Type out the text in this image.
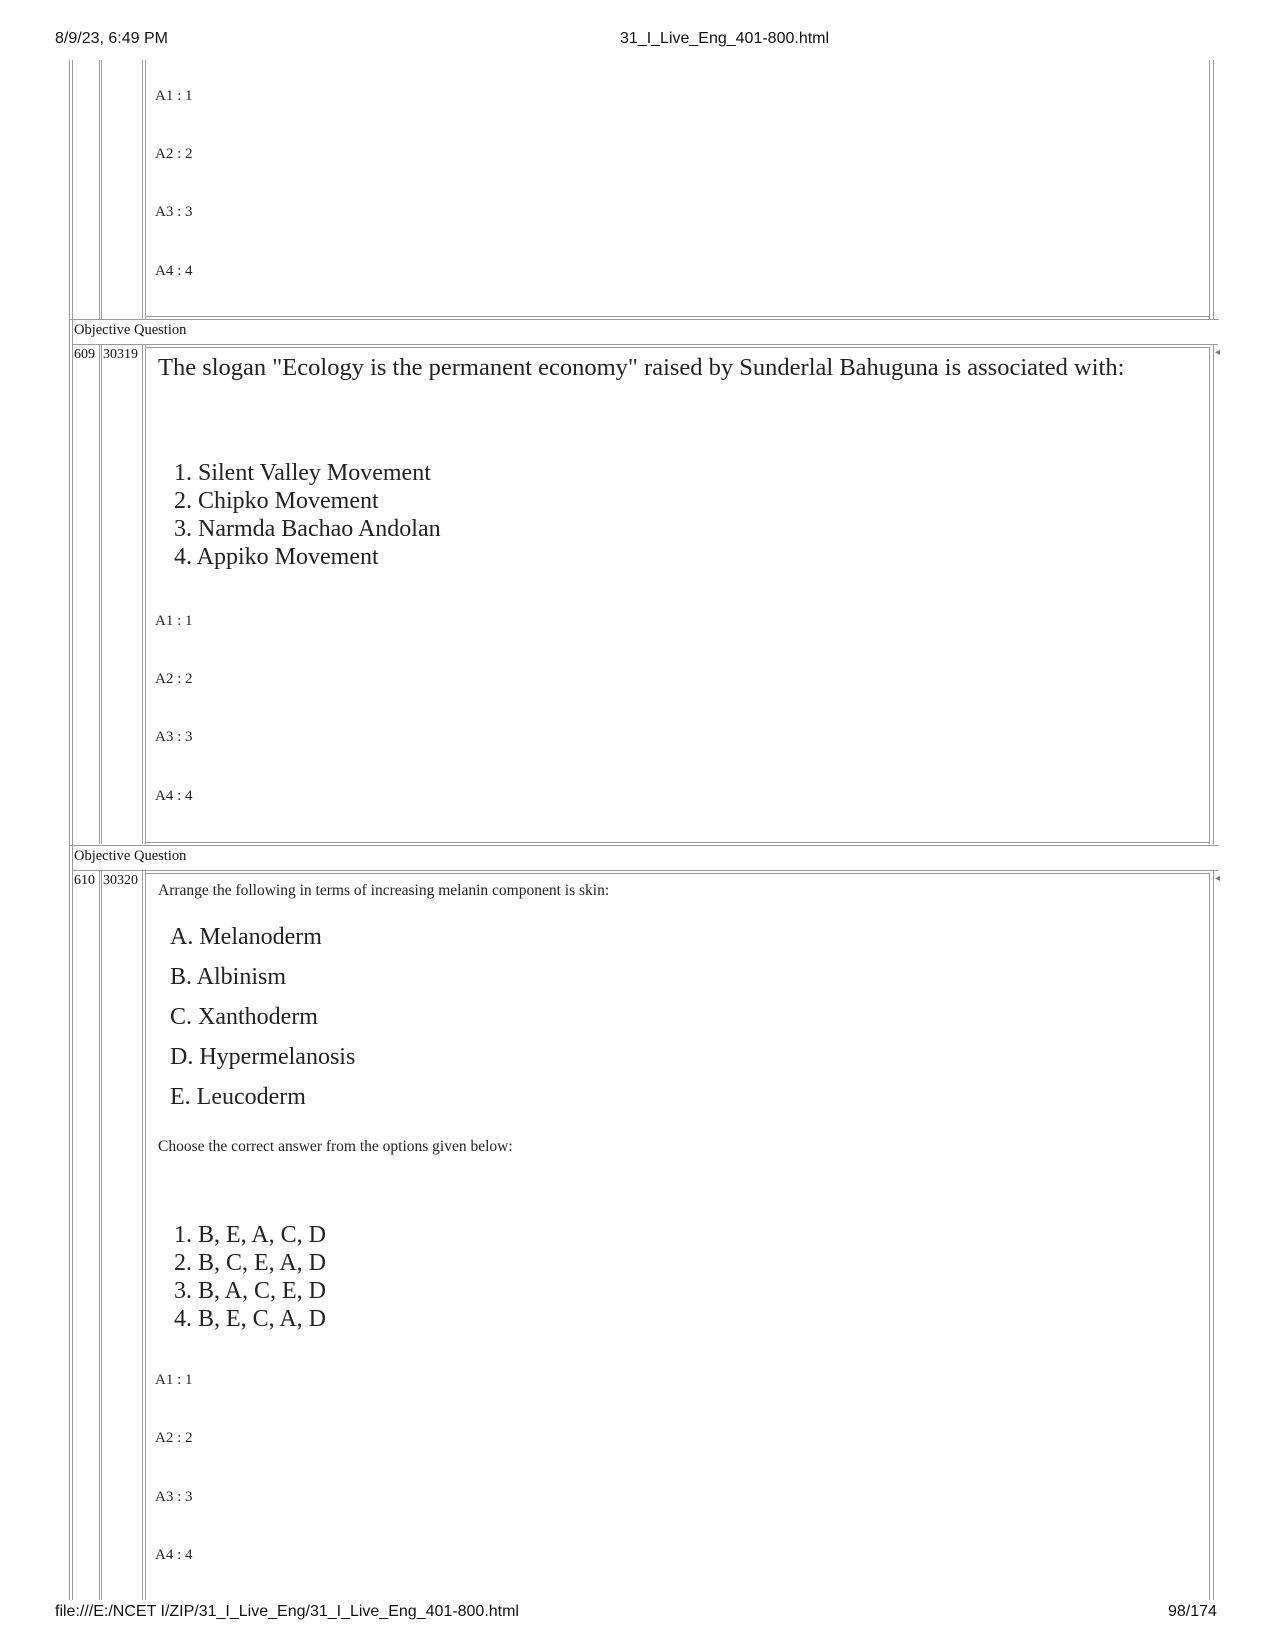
8/9/23, 6:49 PM	31_I_Live_Eng_401-800.html
A1 : 1
A2 : 2
A3 : 3
A4 : 4
Objective Question
609 30319	◂
The slogan "Ecology is the permanent economy" raised by Sunderlal Bahuguna is associated with:
1. Silent Valley Movement
2. Chipko Movement
3. Narmda Bachao Andolan
4. Appiko Movement
A1 : 1
A2 : 2
A3 : 3
A4 : 4
Objective Question
610 30320	◂
Arrange the following in terms of increasing melanin component is skin:
A. Melanoderm
B. Albinism
C. Xanthoderm
D. Hypermelanosis
E. Leucoderm
Choose the correct answer from the options given below:
1. B, E, A, C, D
2. B, C, E, A, D
3. B, A, C, E, D
4. B, E, C, A, D
A1 : 1
A2 : 2
A3 : 3
A4 : 4
file:///E:/NCET I/ZIP/31_I_Live_Eng/31_I_Live_Eng_401-800.html	98/174
